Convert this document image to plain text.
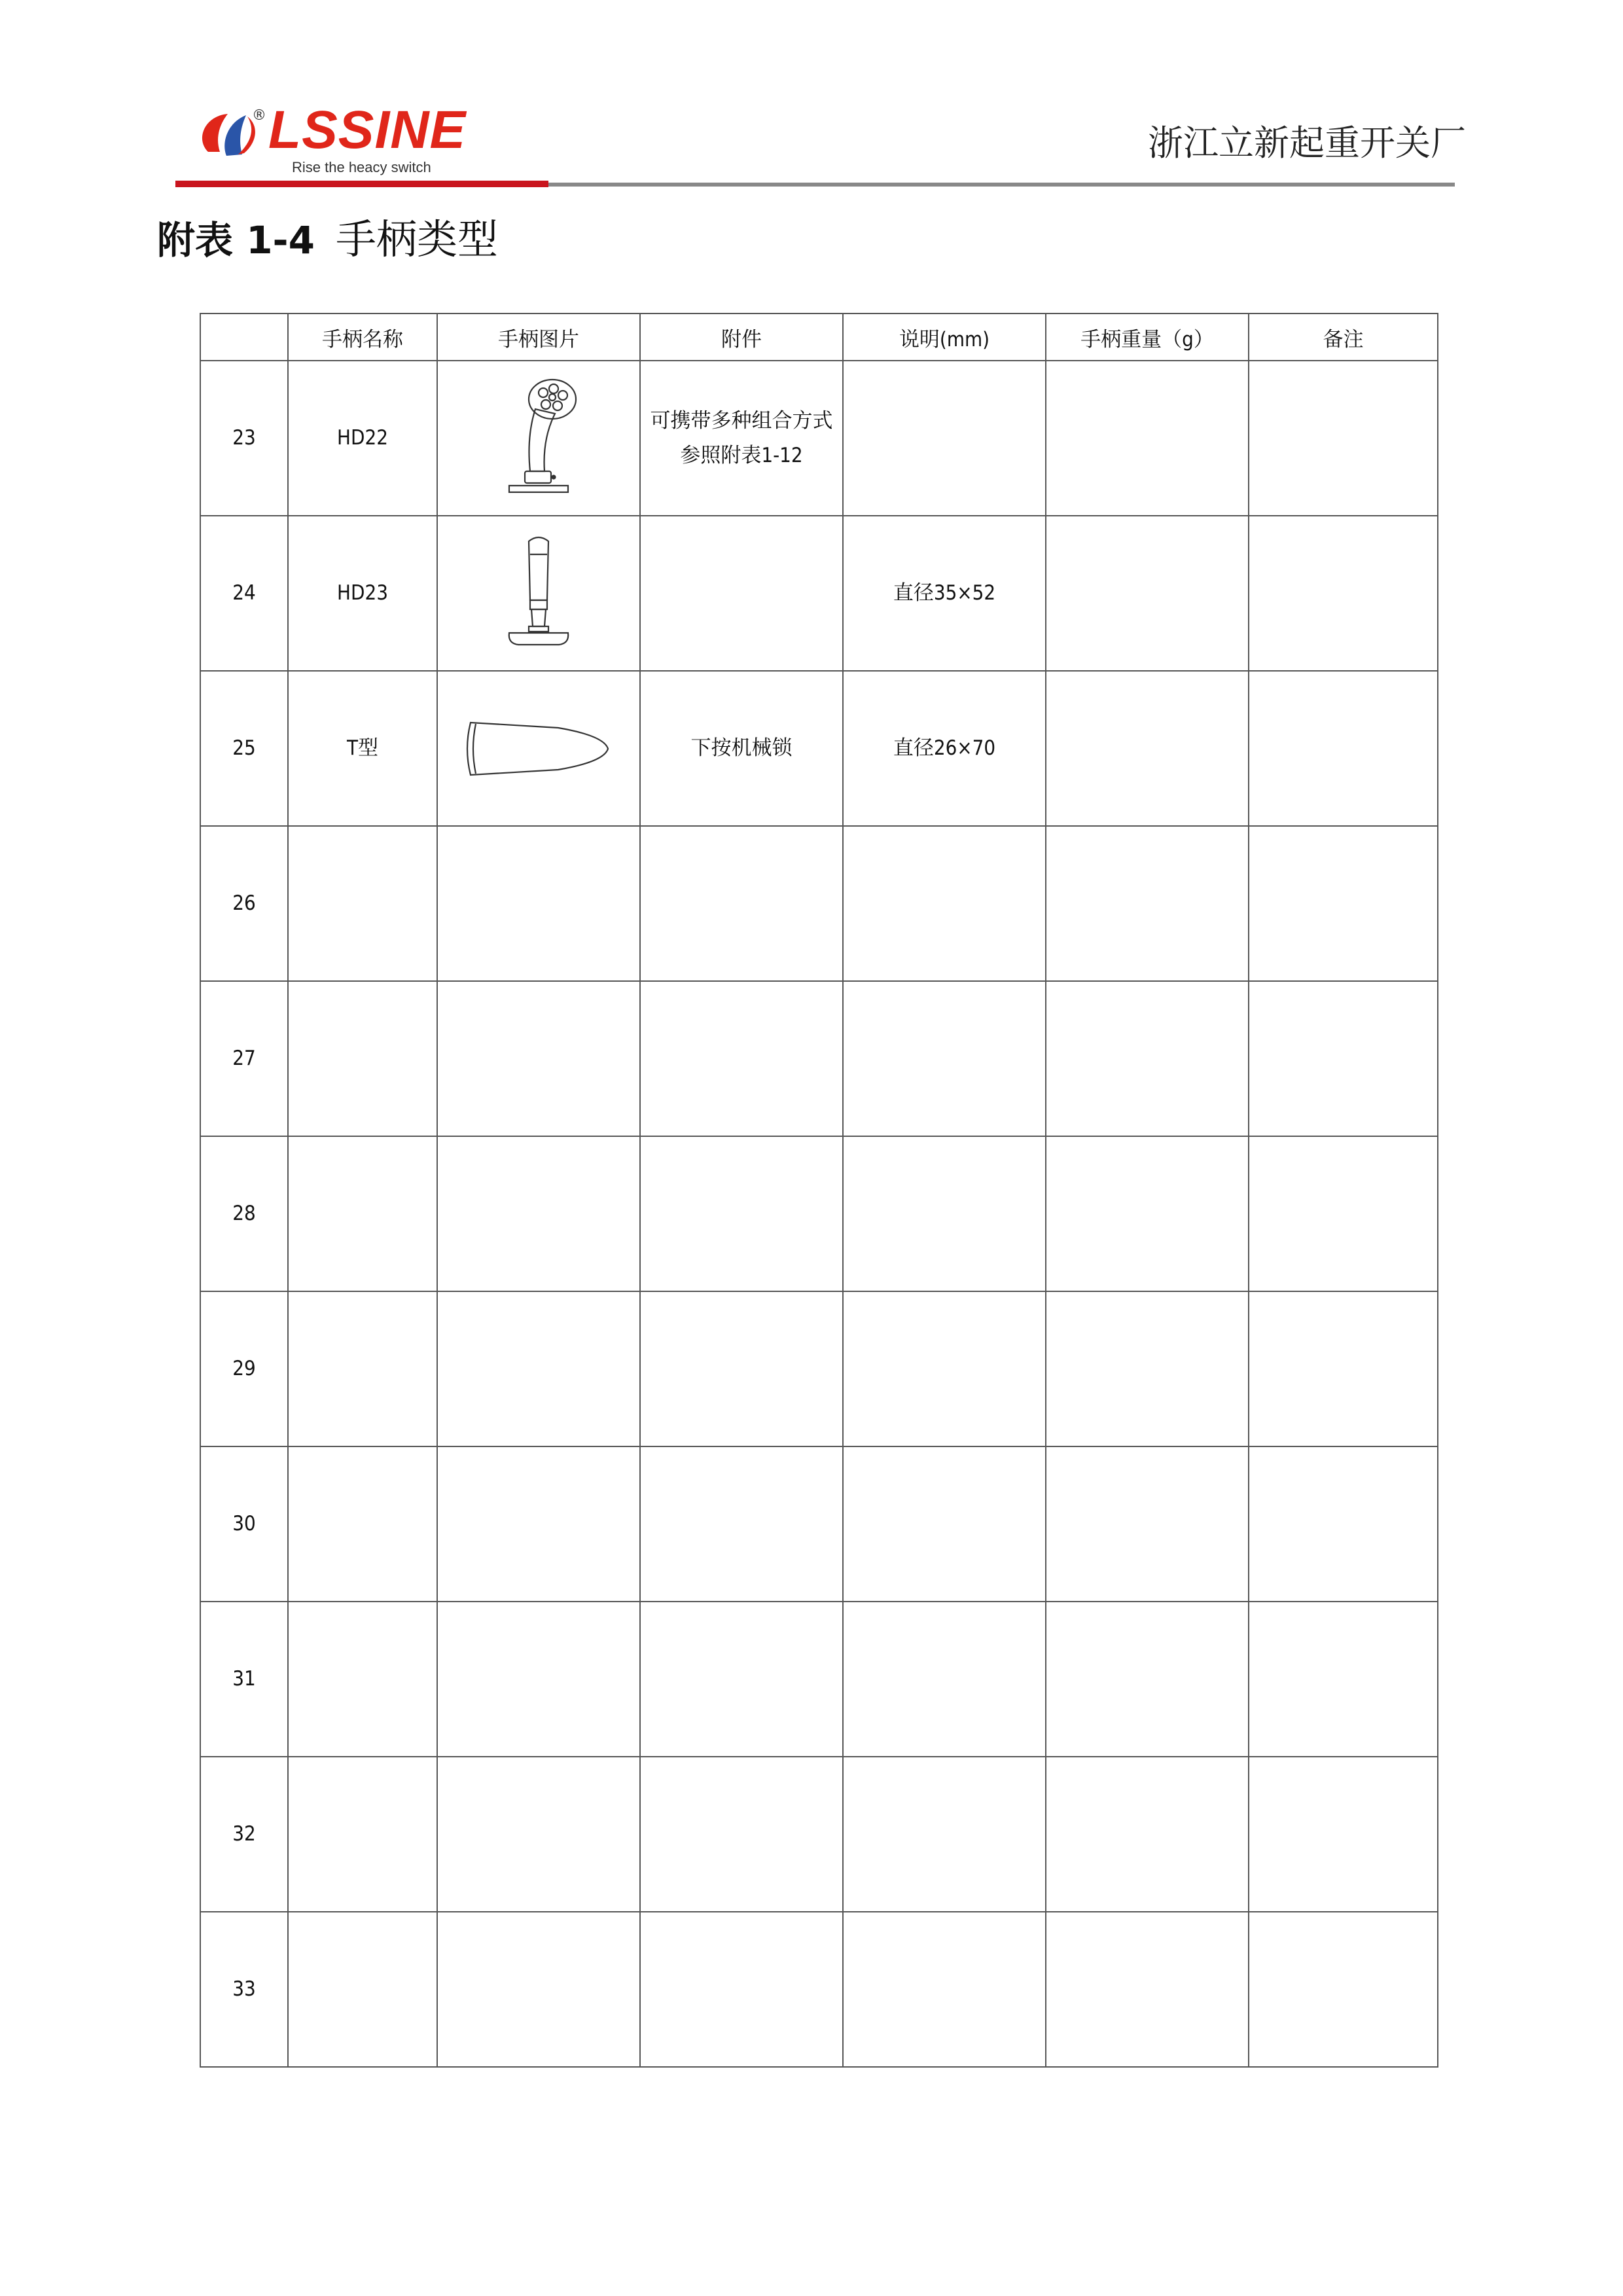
® LSSINE
Rise the heacy switch
浙江立新起重开关厂
附表 1-4 手柄类型
	手柄名称	手柄图片	附件	说明(mm)	手柄重量（g）	备注
23	HD22		可携带多种组合方式
参照附表1-12			

24	HD23			直径35×52		
25	T型		下按机械锁	直径26×70		
26						
27						
28						
29						
30						
31						
32						
33						
